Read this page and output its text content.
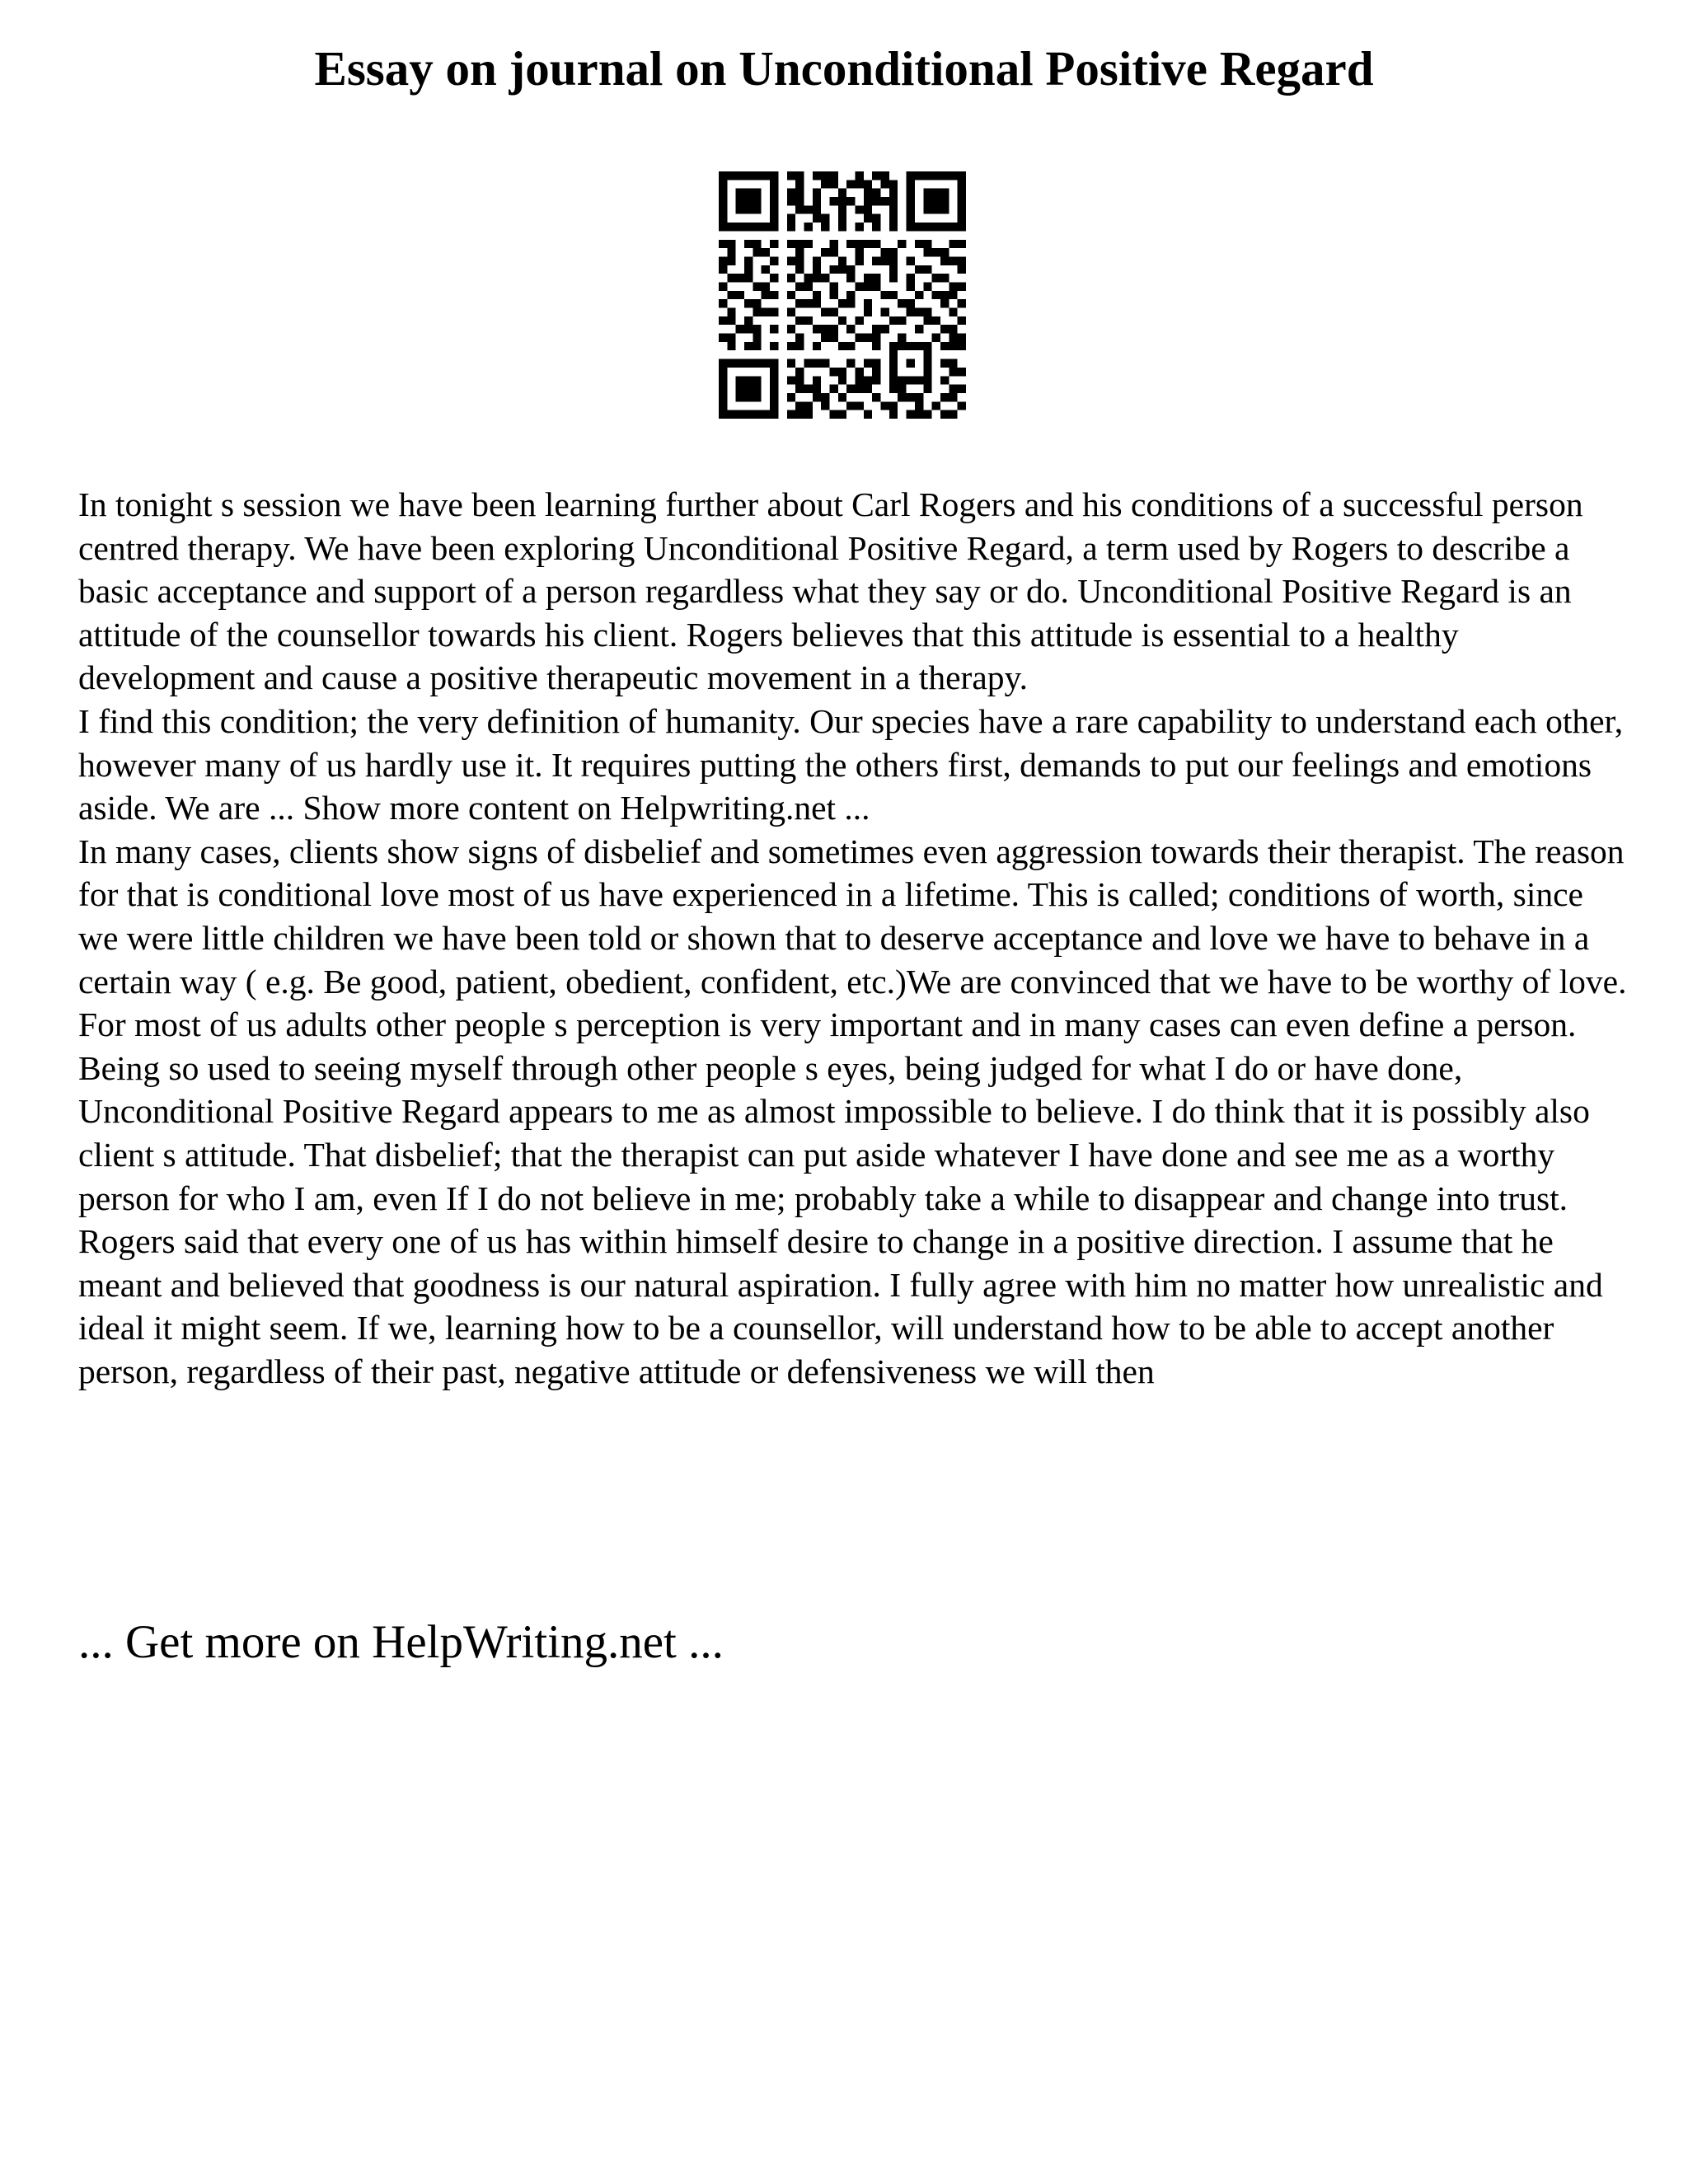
Essay on journal on Unconditional Positive Regard

In tonight s session we have been learning further about Carl Rogers and his conditions of a successful person centred therapy. We have been exploring Unconditional Positive Regard, a term used by Rogers to describe a basic acceptance and support of a person regardless what they say or do. Unconditional Positive Regard is an attitude of the counsellor towards his client. Rogers believes that this attitude is essential to a healthy development and cause a positive therapeutic movement in a therapy.

I find this condition; the very definition of humanity. Our species have a rare capability to understand each other, however many of us hardly use it. It requires putting the others first, demands to put our feelings and emotions aside. We are ... Show more content on Helpwriting.net ...

In many cases, clients show signs of disbelief and sometimes even aggression towards their therapist. The reason for that is conditional love most of us have experienced in a lifetime. This is called; conditions of worth, since we were little children we have been told or shown that to deserve acceptance and love we have to behave in a certain way ( e.g. Be good, patient, obedient, confident, etc.)We are convinced that we have to be worthy of love. For most of us adults other people s perception is very important and in many cases can even define a person. Being so used to seeing myself through other people s eyes, being judged for what I do or have done, Unconditional Positive Regard appears to me as almost impossible to believe. I do think that it is possibly also client s attitude. That disbelief; that the therapist can put aside whatever I have done and see me as a worthy person for who I am, even If I do not believe in me; probably take a while to disappear and change into trust.

Rogers said that every one of us has within himself desire to change in a positive direction. I assume that he meant and believed that goodness is our natural aspiration. I fully agree with him no matter how unrealistic and ideal it might seem. If we, learning how to be a counsellor, will understand how to be able to accept another person, regardless of their past, negative attitude or defensiveness we will then

... Get more on HelpWriting.net ...
